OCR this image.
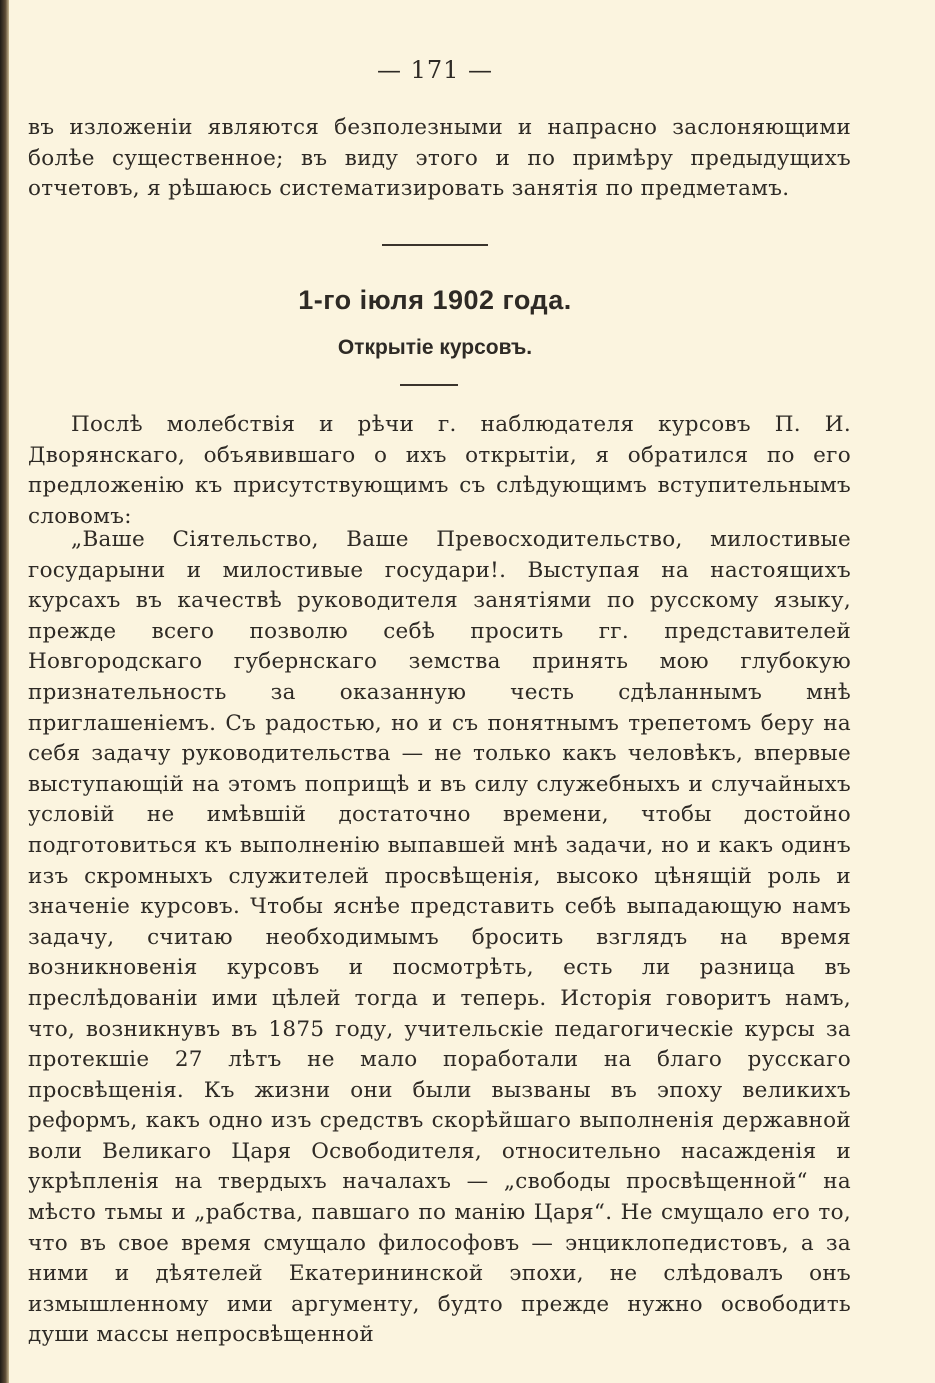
— 171 —

въ изложеніи являются безполезными и напрасно заслоняющими болѣе существенное; въ виду этого и по примѣру предыдущихъ отчетовъ, я рѣшаюсь систематизировать занятія по предметамъ.

1-го іюля 1902 года.
Открытіе курсовъ.

Послѣ молебствія и рѣчи г. наблюдателя курсовъ П. И. Дворянскаго, объявившаго о ихъ открытіи, я обратился по его предложенію къ присутствующимъ съ слѣдующимъ вступительнымъ словомъ:

„Ваше Сіятельство, Ваше Превосходительство, милостивые государыни и милостивые государи!. Выступая на настоящихъ курсахъ въ качествѣ руководителя занятіями по русскому языку, прежде всего позволю себѣ просить гг. представителей Новгородскаго губернскаго земства принять мою глубокую признательность за оказанную честь сдѣланнымъ мнѣ приглашеніемъ. Съ радостью, но и съ понятнымъ трепетомъ беру на себя задачу руководительства — не только какъ человѣкъ, впервые выступающій на этомъ поприщѣ и въ силу служебныхъ и случайныхъ условій не имѣвшій достаточно времени, чтобы достойно подготовиться къ выполненію выпавшей мнѣ задачи, но и какъ одинъ изъ скромныхъ служителей просвѣщенія, высоко цѣнящій роль и значеніе курсовъ. Чтобы яснѣе представить себѣ выпадающую намъ задачу, считаю необходимымъ бросить взглядъ на время возникновенія курсовъ и посмотрѣть, есть ли разница въ преслѣдованіи ими цѣлей тогда и теперь. Исторія говоритъ намъ, что, возникнувъ въ 1875 году, учительскіе педагогическіе курсы за протекшіе 27 лѣтъ не мало поработали на благо русскаго просвѣщенія. Къ жизни они были вызваны въ эпоху великихъ реформъ, какъ одно изъ средствъ скорѣйшаго выполненія державной воли Великаго Царя Освободителя, относительно насажденія и укрѣпленія на твердыхъ началахъ — „свободы просвѣщенной“ на мѣсто тьмы и „рабства, павшаго по манію Царя“. Не смущало его то, что въ свое время смущало философовъ — энциклопедистовъ, а за ними и дѣятелей Екатерининской эпохи, не слѣдовалъ онъ измышленному ими аргументу, будто прежде нужно освободить души массы непросвѣщенной
